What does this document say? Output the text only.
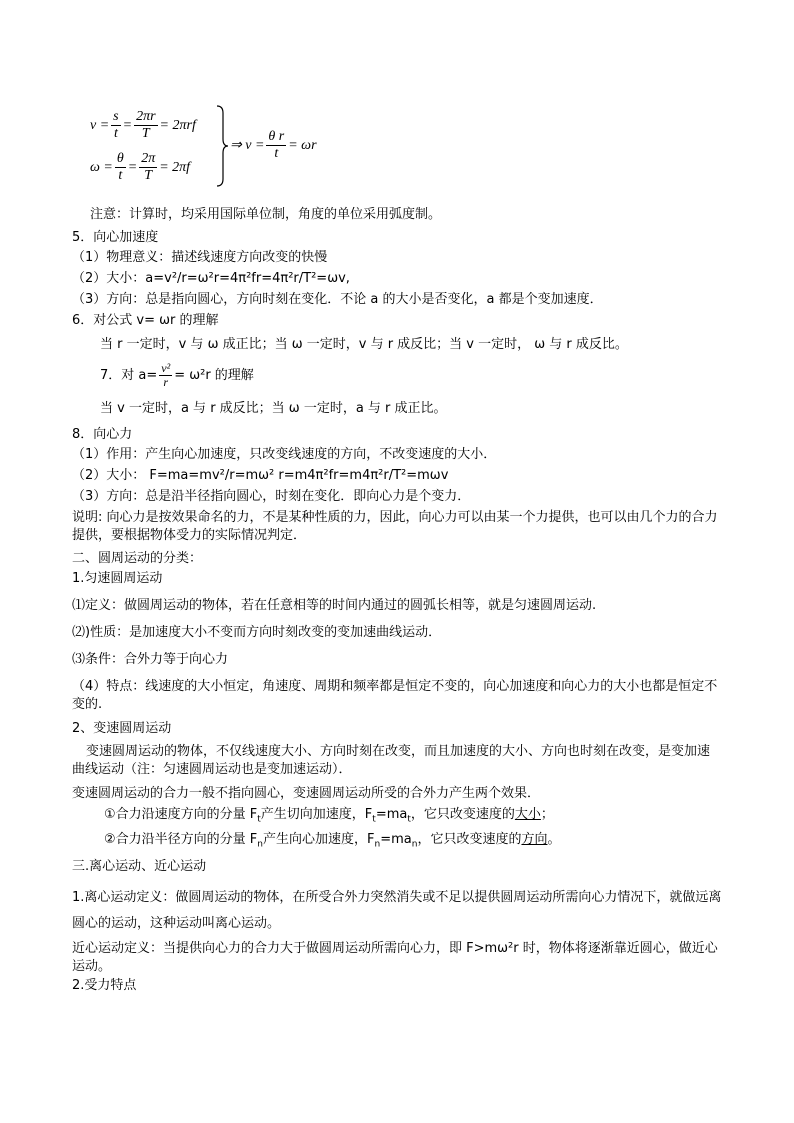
v
= $\frac{s}{t} = \frac{2\pi r}{T}$ =
2πrf
ω
= $\frac{\theta}{t} = \frac{2\pi}{T}$ =
2πf
⇒ $v = \frac{\text{θ r}}{t} = \omega r$
注意：计算时，均采用国际单位制，角度的单位采用弧度制。
5．向心加速度
（1）物理意义：描述线速度方向改变的快慢
（2）大小：a=v²/r=ω²r=4π²fr=4π²r/T²=ωv,
（3）方向：总是指向圆心，方向时刻在变化．不论 a 的大小是否变化，a 都是个变加速度．
6．对公式 v= ωr 的理解
当 r 一定时，v 与 ω 成正比；当 ω 一定时，v 与 r 成反比；当 v 一定时， ω 与 r 成反比。
7．对 $a= \frac{\text{v²}}{r} = \omega^2r$ 的理解
当 v 一定时，a 与 r 成反比；当 ω 一定时，a 与 r 成正比。
8．向心力
（1）作用：产生向心加速度，只改变线速度的方向，不改变速度的大小．
（2）大小： F=ma=mv²/r=mω² r=m4π²fr=m4π²r/T²=mωv
（3）方向：总是沿半径指向圆心，时刻在变化．即向心力是个变力．
说明: 向心力是按效果命名的力，不是某种性质的力，因此，向心力可以由某一个力提供，也可以由几个力的合力提供，要根据物体受力的实际情况判定．
二、圆周运动的分类：
1.匀速圆周运动
⑴定义：做圆周运动的物体，若在任意相等的时间内通过的圆弧长相等，就是匀速圆周运动.
⑵)性质：是加速度大小不变而方向时刻改变的变加速曲线运动．
⑶条件：合外力等于向心力
（4）特点：线速度的大小恒定，角速度、周期和频率都是恒定不变的，向心加速度和向心力的大小也都是恒定不变的.
2、变速圆周运动
变速圆周运动的物体，不仅线速度大小、方向时刻在改变，而且加速度的大小、方向也时刻在改变，是变加速曲线运动（注：匀速圆周运动也是变加速运动）．
变速圆周运动的合力一般不指向圆心，变速圆周运动所受的合外力产生两个效果．
①合力沿速度方向的分量 $F_t$产生切向加速度，$F_t=ma_t$，它只改变速度的大小；
②合力沿半径方向的分量 $F_n$产生向心加速度，$F_n=ma_n$，它只改变速度的方向。
三.离心运动、近心运动
1.离心运动定义：做圆周运动的物体，在所受合外力突然消失或不足以提供圆周运动所需向心力情况下，就做远离圆心的运动，这种运动叫离心运动。
近心运动定义：当提供向心力的合力大于做圆周运动所需向心力，即 F>mω²r 时，物体将逐渐靠近圆心，做近心运动。
2.受力特点
